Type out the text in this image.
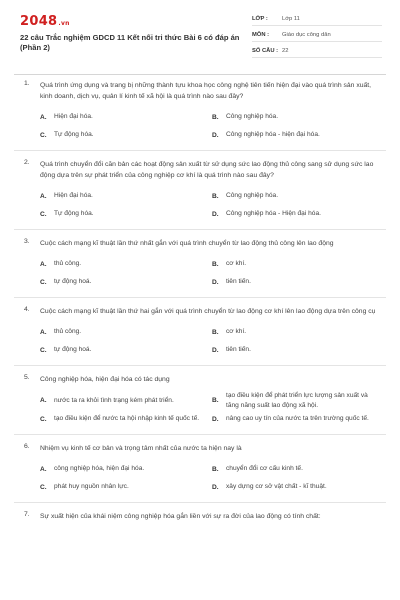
2048.vn
22 câu Trắc nghiệm GDCD 11 Kết nối tri thức Bài 6 có đáp án (Phần 2)
LỚP :	Lớp 11
MÔN :	Giáo dục công dân
SỐ CÂU : 22
1. Quá trình ứng dụng và trang bị những thành tựu khoa học công nghệ tiên tiến hiện đại vào quá trình sản xuất, kinh doanh, dịch vụ, quản lí kinh tế xã hội là quá trình nào sau đây?
A.	Hiện đại hóa.	B.	Công nghiệp hóa.
C.	Tự động hóa.	D.	Công nghiệp hóa - hiện đại hóa.
2. Quá trình chuyển đổi căn bản các hoạt động sản xuất từ sử dụng sức lao động thủ công sang sử dụng sức lao động dựa trên sự phát triển của công nghiệp cơ khí là quá trình nào sau đây?
A.	Hiện đại hóa.	B.	Công nghiệp hóa.
C.	Tự động hóa.	D.	Công nghiệp hóa - Hiện đại hóa.
3. Cuộc cách mạng kĩ thuật lần thứ nhất gắn với quá trình chuyển từ lao động thủ công lên lao động
A.	thủ công.	B.	cơ khí.
C.	tự động hoá.	D.	tiên tiến.
4. Cuộc cách mạng kĩ thuật lần thứ hai gắn với quá trình chuyển từ lao động cơ khí lên lao động dựa trên công cụ
A.	thủ công.	B.	cơ khí.
C.	tự động hoá.	D.	tiên tiến.
5. Công nghiệp hóa, hiện đại hóa có tác dụng
A.	nước ta ra khỏi tình trạng kém phát triển.	B.
tạo điều kiện để phát triển lực lượng sản xuất và tăng năng suất lao động xã hội.
C.	tạo điều kiện để nước ta hội nhập kinh tế quốc tế.	D.	nâng cao uy tín của nước ta trên trường quốc tế.
6. Nhiệm vụ kinh tế cơ bản và trọng tâm nhất của nước ta hiện nay là
A.	công nghiệp hóa, hiện đại hóa.	B.	chuyển đổi cơ cấu kinh tế.
C.	phát huy nguồn nhân lực.	D.	xây dựng cơ sở vật chất - kĩ thuật.
7. Sự xuất hiện của khái niệm công nghiệp hóa gắn liền với sự ra đời của lao động có tính chất:
